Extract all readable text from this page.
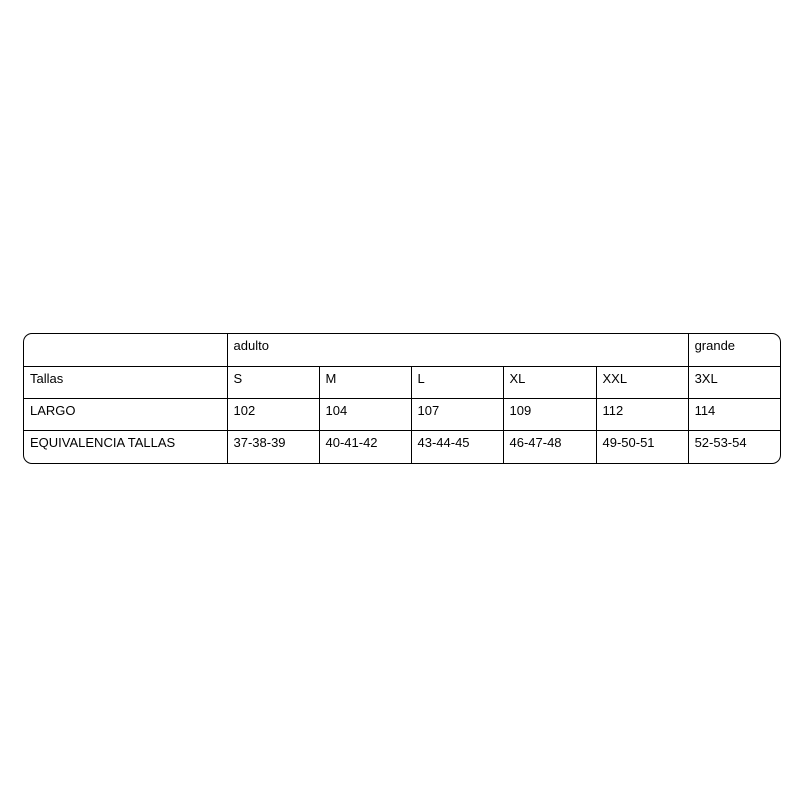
	adulto					grande
Tallas	S	M	L	XL	XXL	3XL
LARGO	102	104	107	109	112	114
EQUIVALENCIA TALLAS	37-38-39	40-41-42	43-44-45	46-47-48	49-50-51	52-53-54
